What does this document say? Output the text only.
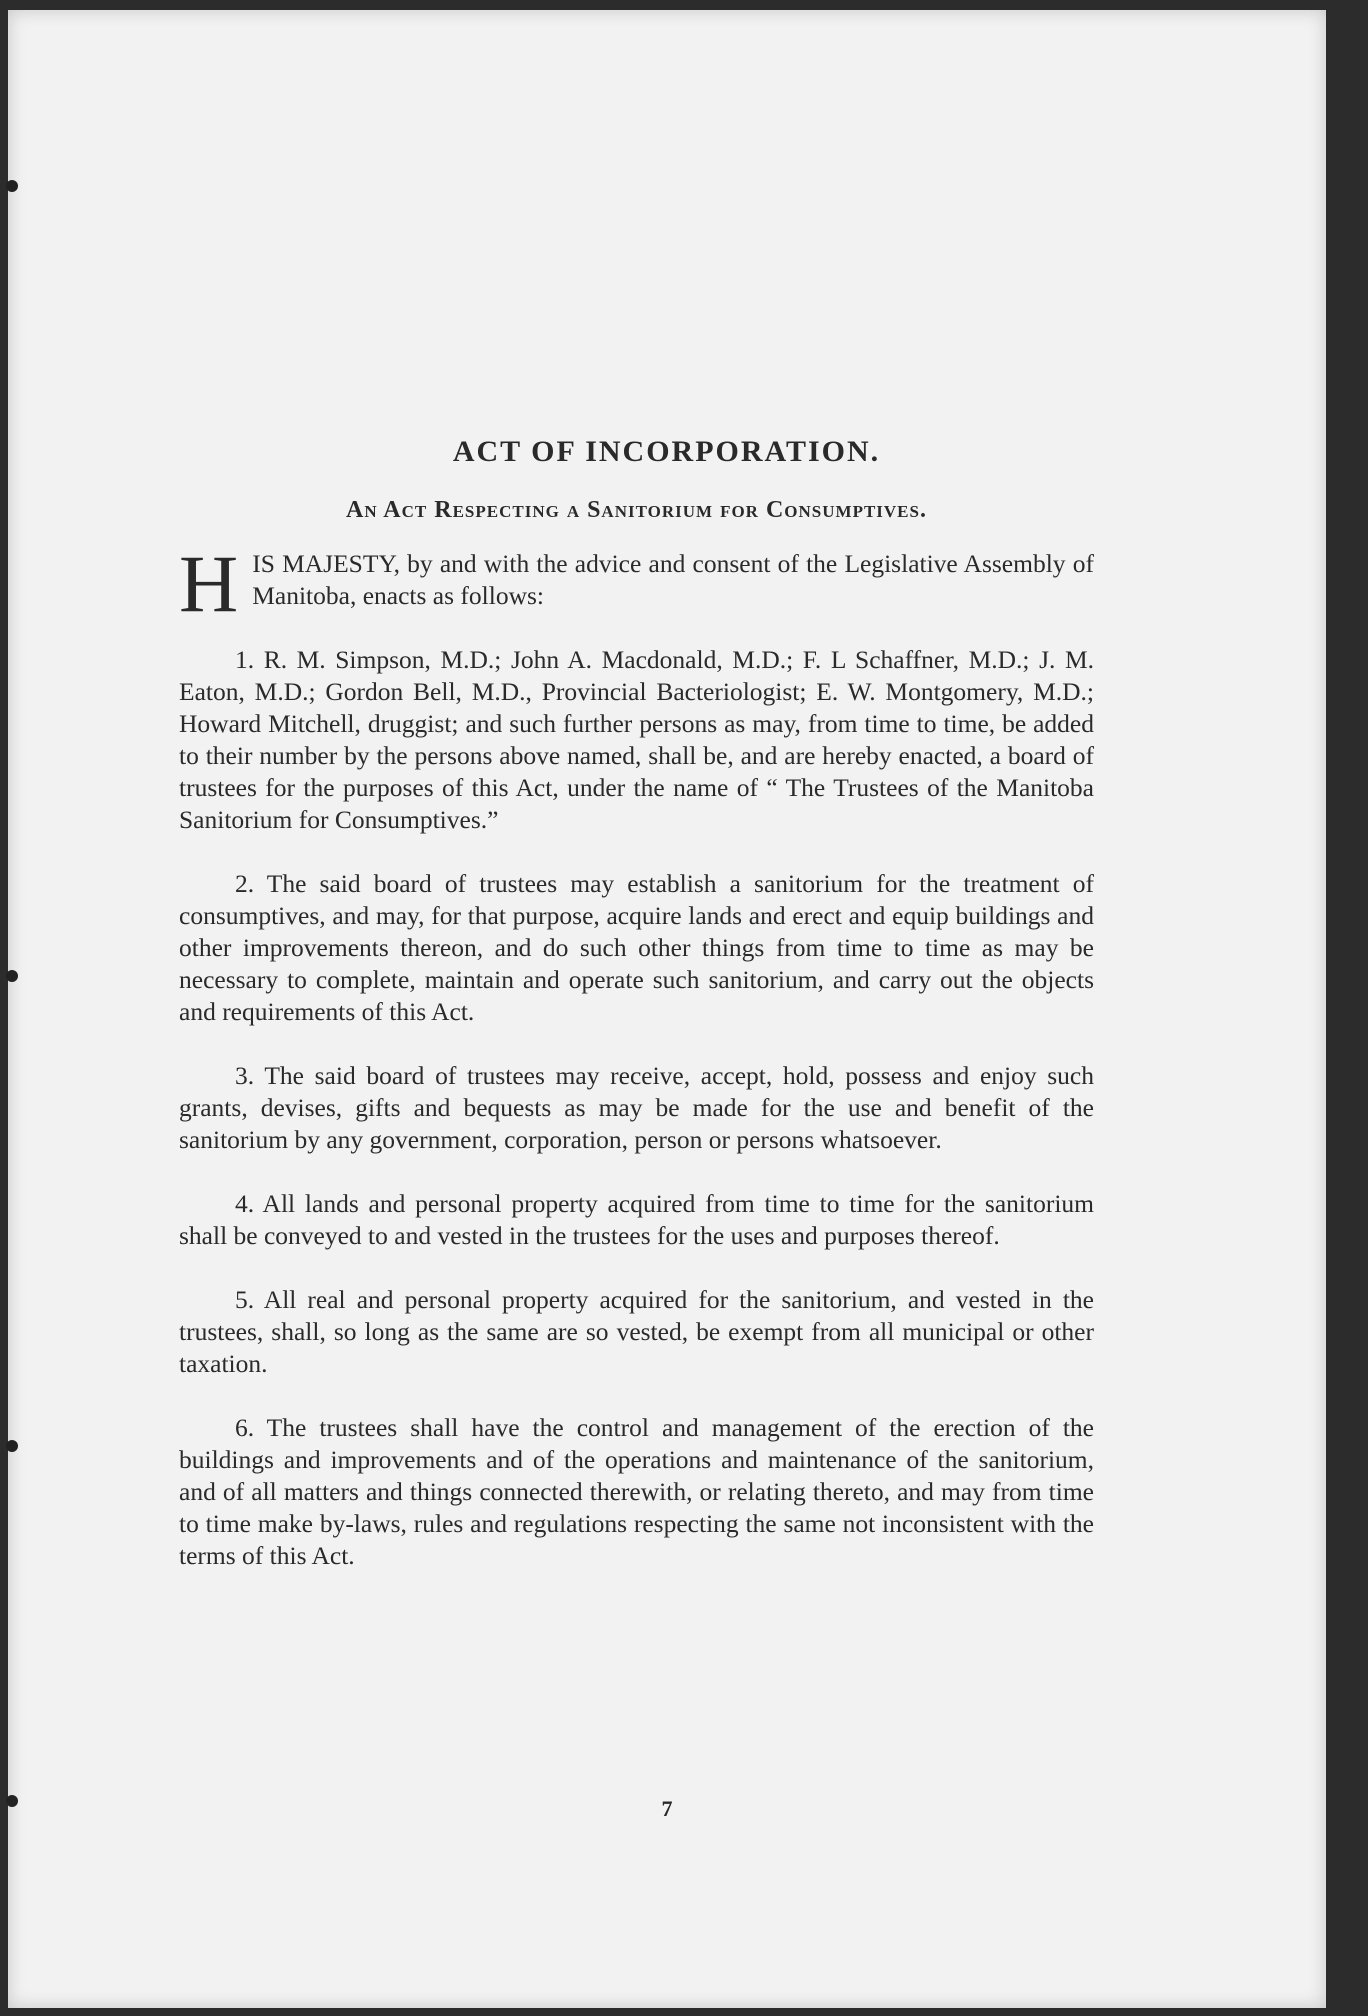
ACT OF INCORPORATION.
An Act Respecting a Sanitorium for Consumptives.

HIS MAJESTY, by and with the advice and consent of the Legislative Assembly of Manitoba, enacts as follows:

1. R. M. Simpson, M.D.; John A. Macdonald, M.D.; F. L Schaffner, M.D.; J. M. Eaton, M.D.; Gordon Bell, M.D., Provincial Bacteriologist; E. W. Montgomery, M.D.; Howard Mitchell, druggist; and such further persons as may, from time to time, be added to their number by the persons above named, shall be, and are hereby enacted, a board of trustees for the purposes of this Act, under the name of “ The Trustees of the Manitoba Sanitorium for Consumptives.”

2. The said board of trustees may establish a sanitorium for the treatment of consumptives, and may, for that purpose, acquire lands and erect and equip buildings and other improvements thereon, and do such other things from time to time as may be necessary to complete, maintain and operate such sanitorium, and carry out the objects and requirements of this Act.

3. The said board of trustees may receive, accept, hold, possess and enjoy such grants, devises, gifts and bequests as may be made for the use and benefit of the sanitorium by any government, corporation, person or persons whatsoever.

4. All lands and personal property acquired from time to time for the sanitorium shall be conveyed to and vested in the trustees for the uses and purposes thereof.

5. All real and personal property acquired for the sanitorium, and vested in the trustees, shall, so long as the same are so vested, be exempt from all municipal or other taxation.

6. The trustees shall have the control and management of the erection of the buildings and improvements and of the operations and maintenance of the sanitorium, and of all matters and things connected therewith, or relating thereto, and may from time to time make by-laws, rules and regulations respecting the same not inconsistent with the terms of this Act.

7
